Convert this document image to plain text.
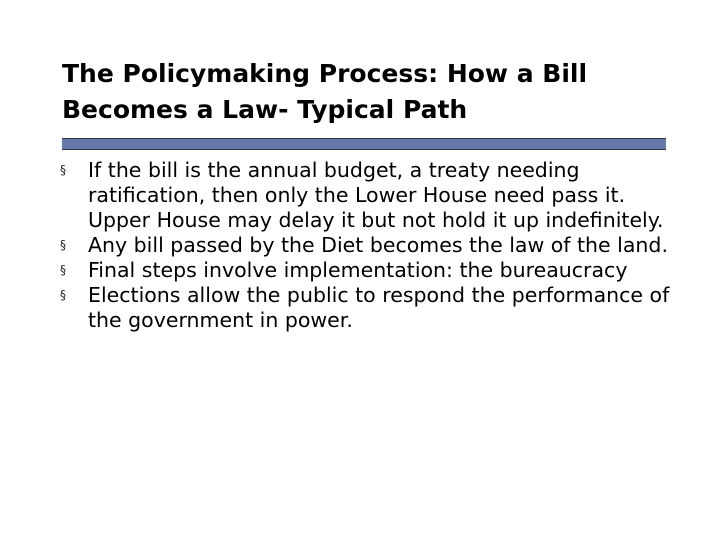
The Policymaking Process: How a Bill Becomes a Law- Typical Path
§ If the bill is the annual budget, a treaty needing ratification, then only the Lower House need pass it. Upper House may delay it but not hold it up indefinitely.
§ Any bill passed by the Diet becomes the law of the land.
§ Final steps involve implementation: the bureaucracy
§ Elections allow the public to respond the performance of the government in power.
